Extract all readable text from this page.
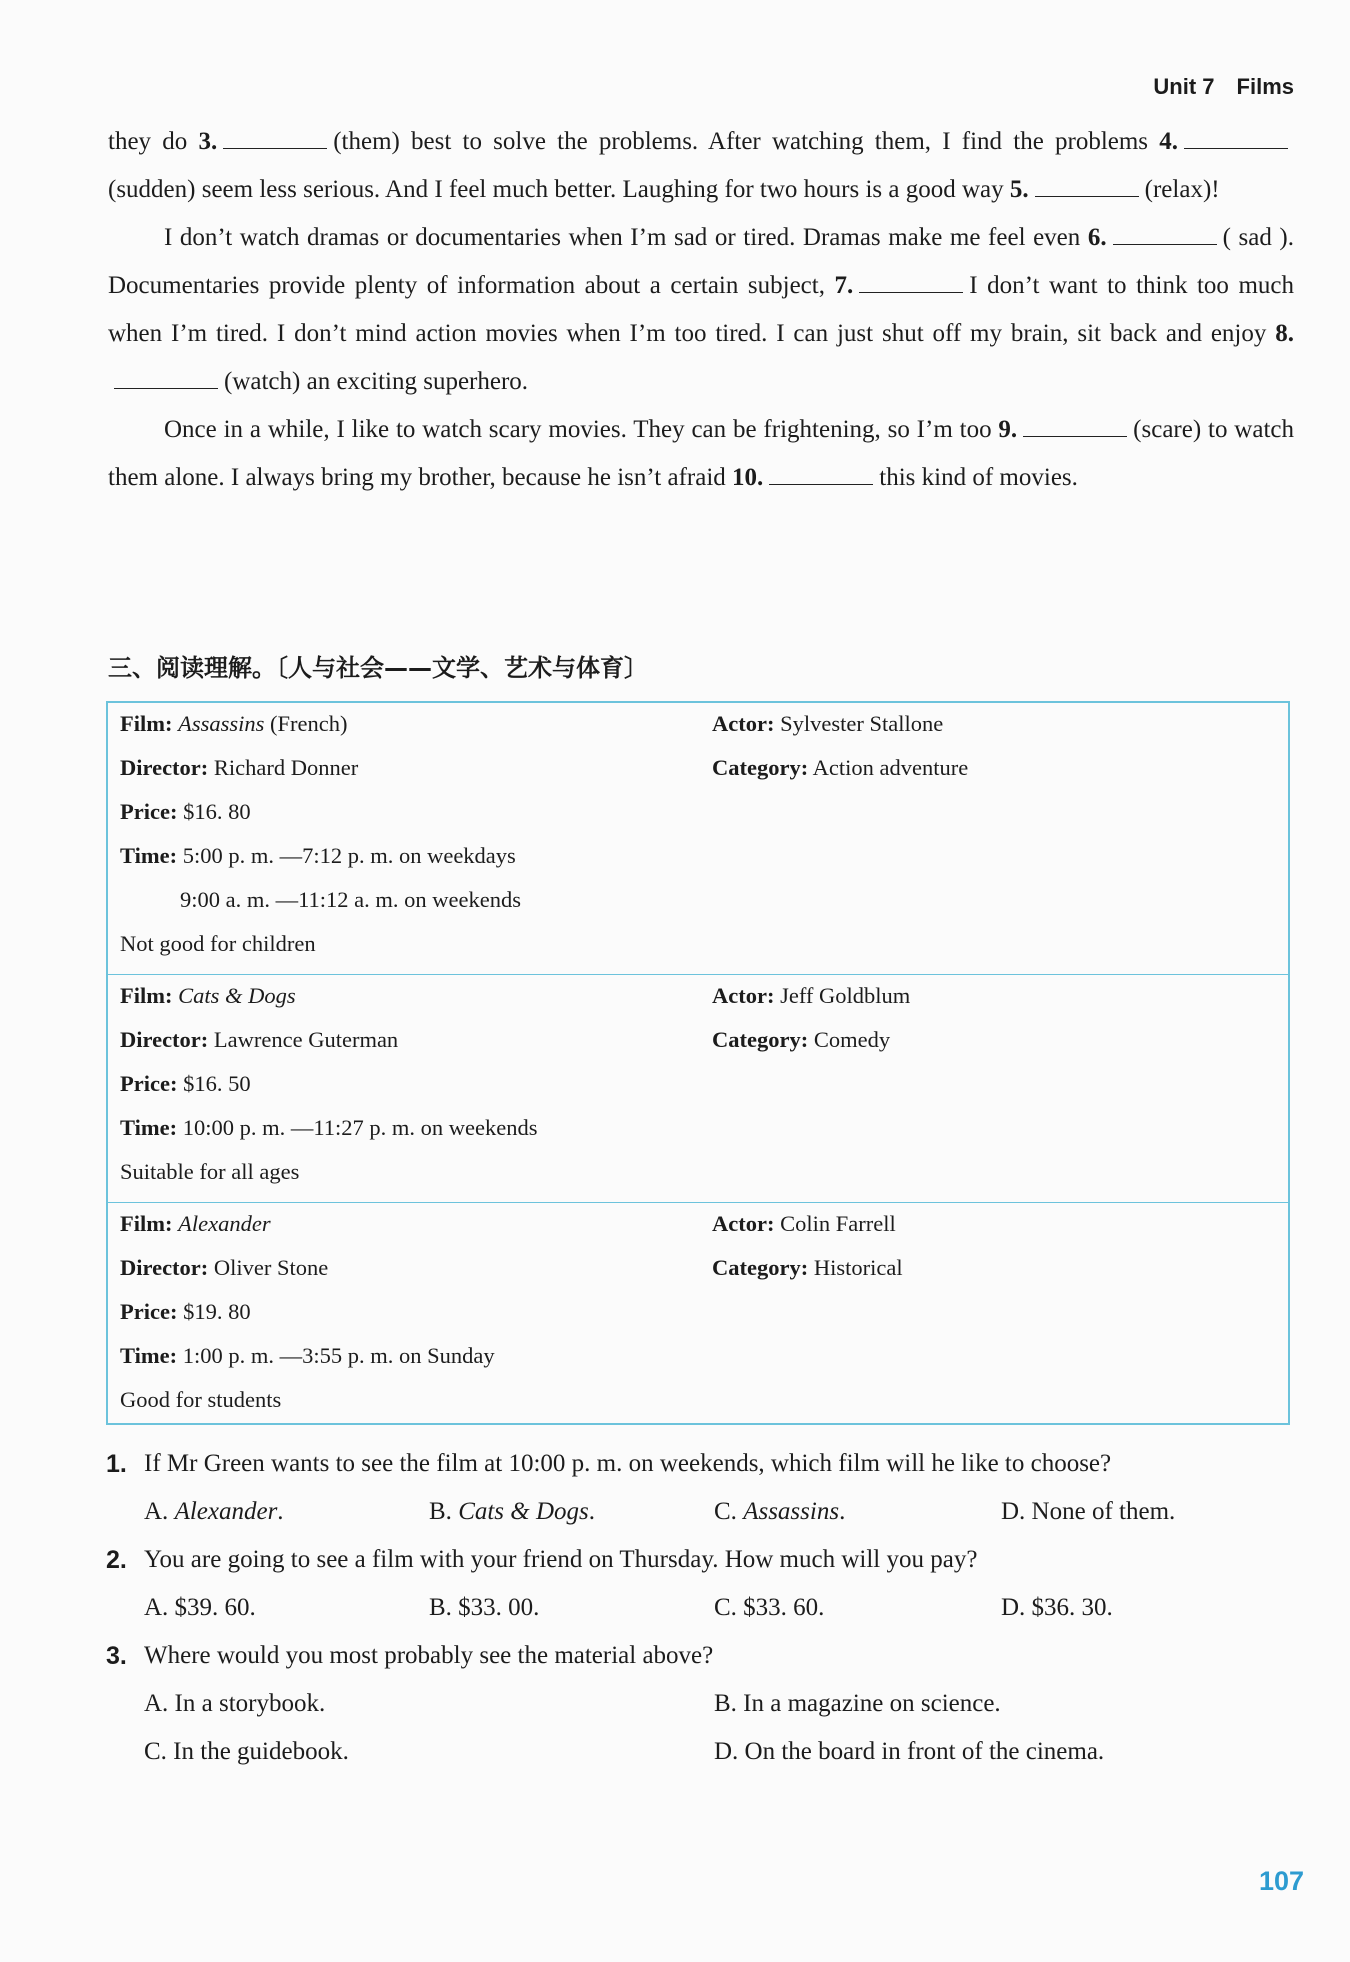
Unit 7 Films

they do 3.	(them) best to solve the problems. After watching them, I find the problems 4.(sudden) seem less serious. And I feel much better. Laughing for two hours is a good way 5.	(relax)!

I don’t watch dramas or documentaries when I’m sad or tired. Dramas make me feel even 6.	( sad ). Documentaries provide plenty of information about a certain subject, 7.	I don’t want to think too much when I’m tired. I don’t mind action movies when I’m too tired. I can just shut off my brain, sit back and enjoy 8.(watch) an exciting superhero.

Once in a while, I like to watch scary movies. They can be frightening, so I’m too 9.	(scare) to watch them alone. I always bring my brother, because he isn’t afraid 10.	this kind of movies.

三、阅读理解。〔人与社会——文学、艺术与体育〕
Film: Assassins (French)
Director: Richard Donner
Price: $16. 80
Time: 5:00 p. m. —7:12 p. m. on weekdays
9:00 a. m. —11:12 a. m. on weekends
Not good for children
Actor: Sylvester Stallone
Category: Action adventure
Film: Cats & Dogs
Director: Lawrence Guterman
Price: $16. 50
Time: 10:00 p. m. —11:27 p. m. on weekends
Suitable for all ages
Actor: Jeff Goldblum
Category: Comedy
Film: Alexander
Director: Oliver Stone
Price: $19. 80
Time: 1:00 p. m. —3:55 p. m. on Sunday
Good for students
Actor: Colin Farrell
Category: Historical
1. If Mr Green wants to see the film at 10:00 p. m. on weekends, which film will he like to choose?
A. Alexander.	B. Cats & Dogs.	C. Assassins.	D. None of them.
2. You are going to see a film with your friend on Thursday. How much will you pay?
A. $39. 60.	B. $33. 00.	C. $33. 60.	D. $36. 30.
3. Where would you most probably see the material above?
A. In a storybook.	B. In a magazine on science.
C. In the guidebook.	D. On the board in front of the cinema.
107
